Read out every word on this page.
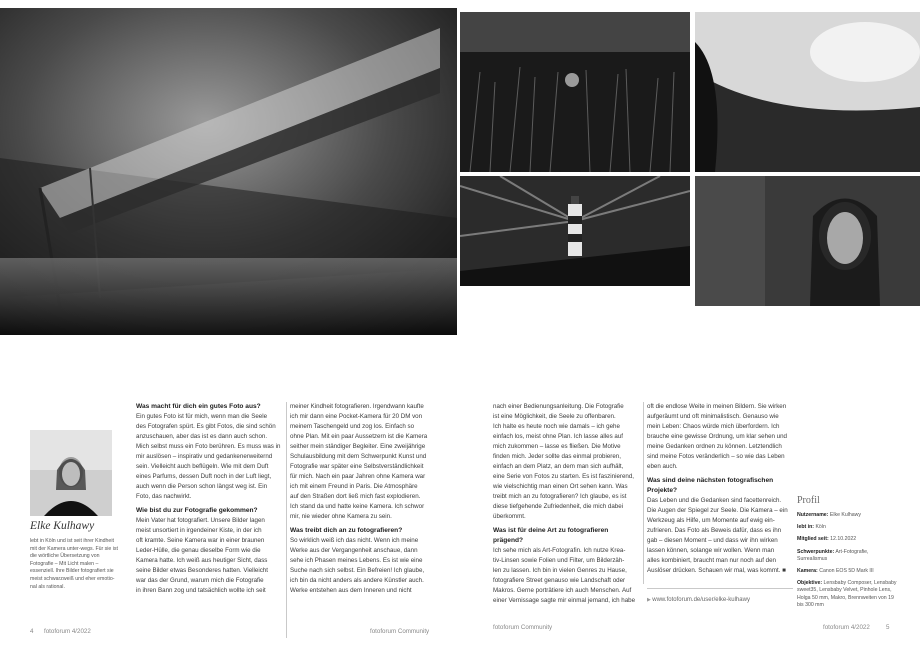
Elke Kulhawy
lebt in Köln und ist seit ihrer Kindheit mit der Kamera unter-wegs. Für sie ist die wörtliche Übersetzung von Fotografie – Mit Licht malen – essenziell. Ihre Bilder fotografiert sie meist schwarzweiß und eher emotio-nal als rational.
Was macht für dich ein gutes Foto aus?

Ein gutes Foto ist für mich, wenn man die Seele
des Fotografen spürt. Es gibt Fotos, die sind schön
anzuschauen, aber das ist es dann auch schon.
Mich selbst muss ein Foto berühren. Es muss was in
mir auslösen – inspirativ und gedankenerweiternd
sein. Vielleicht auch beflügeln. Wie mit dem Duft
eines Parfums, dessen Duft noch in der Luft liegt,
auch wenn die Person schon längst weg ist. Ein
Foto, das nachwirkt.

Wie bist du zur Fotografie gekommen?

Mein Vater hat fotografiert. Unsere Bilder lagen
meist unsortiert in irgendeiner Kiste, in der ich
oft kramte. Seine Kamera war in einer braunen
Leder-Hülle, die genau dieselbe Form wie die
Kamera hatte. Ich weiß aus heutiger Sicht, dass
seine Bilder etwas Besonderes hatten. Vielleicht
war das der Grund, warum mich die Fotografie
in ihren Bann zog und tatsächlich wollte ich seit

meiner Kindheit fotografieren. Irgendwann kaufte
ich mir dann eine Pocket-Kamera für 20 DM von
meinem Taschengeld und zog los. Einfach so
ohne Plan. Mit ein paar Aussetzern ist die Kamera
seither mein ständiger Begleiter. Eine zweijährige
Schulausbildung mit dem Schwerpunkt Kunst und
Fotografie war später eine Selbstverständlichkeit
für mich. Nach ein paar Jahren ohne Kamera war
ich mit einem Freund in Paris. Die Atmosphäre
auf den Straßen dort ließ mich fast explodieren.
Ich stand da und hatte keine Kamera. Ich schwor
mir, nie wieder ohne Kamera zu sein.

Was treibt dich an zu fotografieren?

So wirklich weiß ich das nicht. Wenn ich meine
Werke aus der Vergangenheit anschaue, dann
sehe ich Phasen meines Lebens. Es ist wie eine
Suche nach sich selbst. Ein Befreien! Ich glaube,
ich bin da nicht anders als andere Künstler auch.
Werke entstehen aus dem Inneren und nicht

nach einer Bedienungsanleitung. Die Fotografie
ist eine Möglichkeit, die Seele zu offenbaren.
Ich halte es heute noch wie damals – ich gehe
einfach los, meist ohne Plan. Ich lasse alles auf
mich zukommen – lasse es fließen. Die Motive
finden mich. Jeder sollte das einmal probieren,
einfach an dem Platz, an dem man sich aufhält,
eine Serie von Fotos zu starten. Es ist faszinierend,
wie vielschichtig man einen Ort sehen kann. Was
treibt mich an zu fotografieren? Ich glaube, es ist
diese tiefgehende Zufriedenheit, die mich dabei
überkommt.

Was ist für deine Art zu fotografieren prägend?

Ich sehe mich als Art-Fotografin. Ich nutze Krea-
tiv-Linsen sowie Folien und Filter, um Bilderzäh-
len zu lassen. Ich bin in vielen Genres zu Hause,
fotografiere Street genauso wie Landschaft oder
Makros. Gerne porträtiere ich auch Menschen. Auf
einer Vernissage sagte mir einmal jemand, ich habe

oft die endlose Weite in meinen Bildern. Sie wirken
aufgeräumt und oft minimalistisch. Genauso wie
mein Leben: Chaos würde mich überfordern. Ich
brauche eine gewisse Ordnung, um klar sehen und
meine Gedanken ordnen zu können. Letztendlich
sind meine Fotos veränderlich – so wie das Leben
eben auch.

Was sind deine nächsten fotografischen Projekte?

Das Leben und die Gedanken sind facettenreich.
Die Augen der Spiegel zur Seele. Die Kamera – ein
Werkzeug als Hilfe, um Momente auf ewig ein-
zufrieren. Das Foto als Beweis dafür, dass es ihn
gab – diesen Moment – und dass wir ihn wirken
lassen können, solange wir wollen. Wenn man
alles kombiniert, braucht man nur noch auf den
Auslöser drücken. Schauen wir mal, was kommt. ■

▶ www.fotoforum.de/user/elke-kulhawy
Profil
Nutzername: Elke Kulhawy
lebt in: Köln
Mitglied seit: 12.10.2022
Schwerpunkte: Art-Fotografie, Surrealismus
Kamera: Canon EOS 5D Mark III
Objektive: Lensbaby Composer, Lensbaby sweet35, Lensbaby Velvet, Pinhole Lens, Holga 50 mm, Makro, Brennweiten von 19 bis 300 mm
4 fotoforum 4/2022	fotoforum Community
fotoforum Community	fotoforum 4/2022	5
